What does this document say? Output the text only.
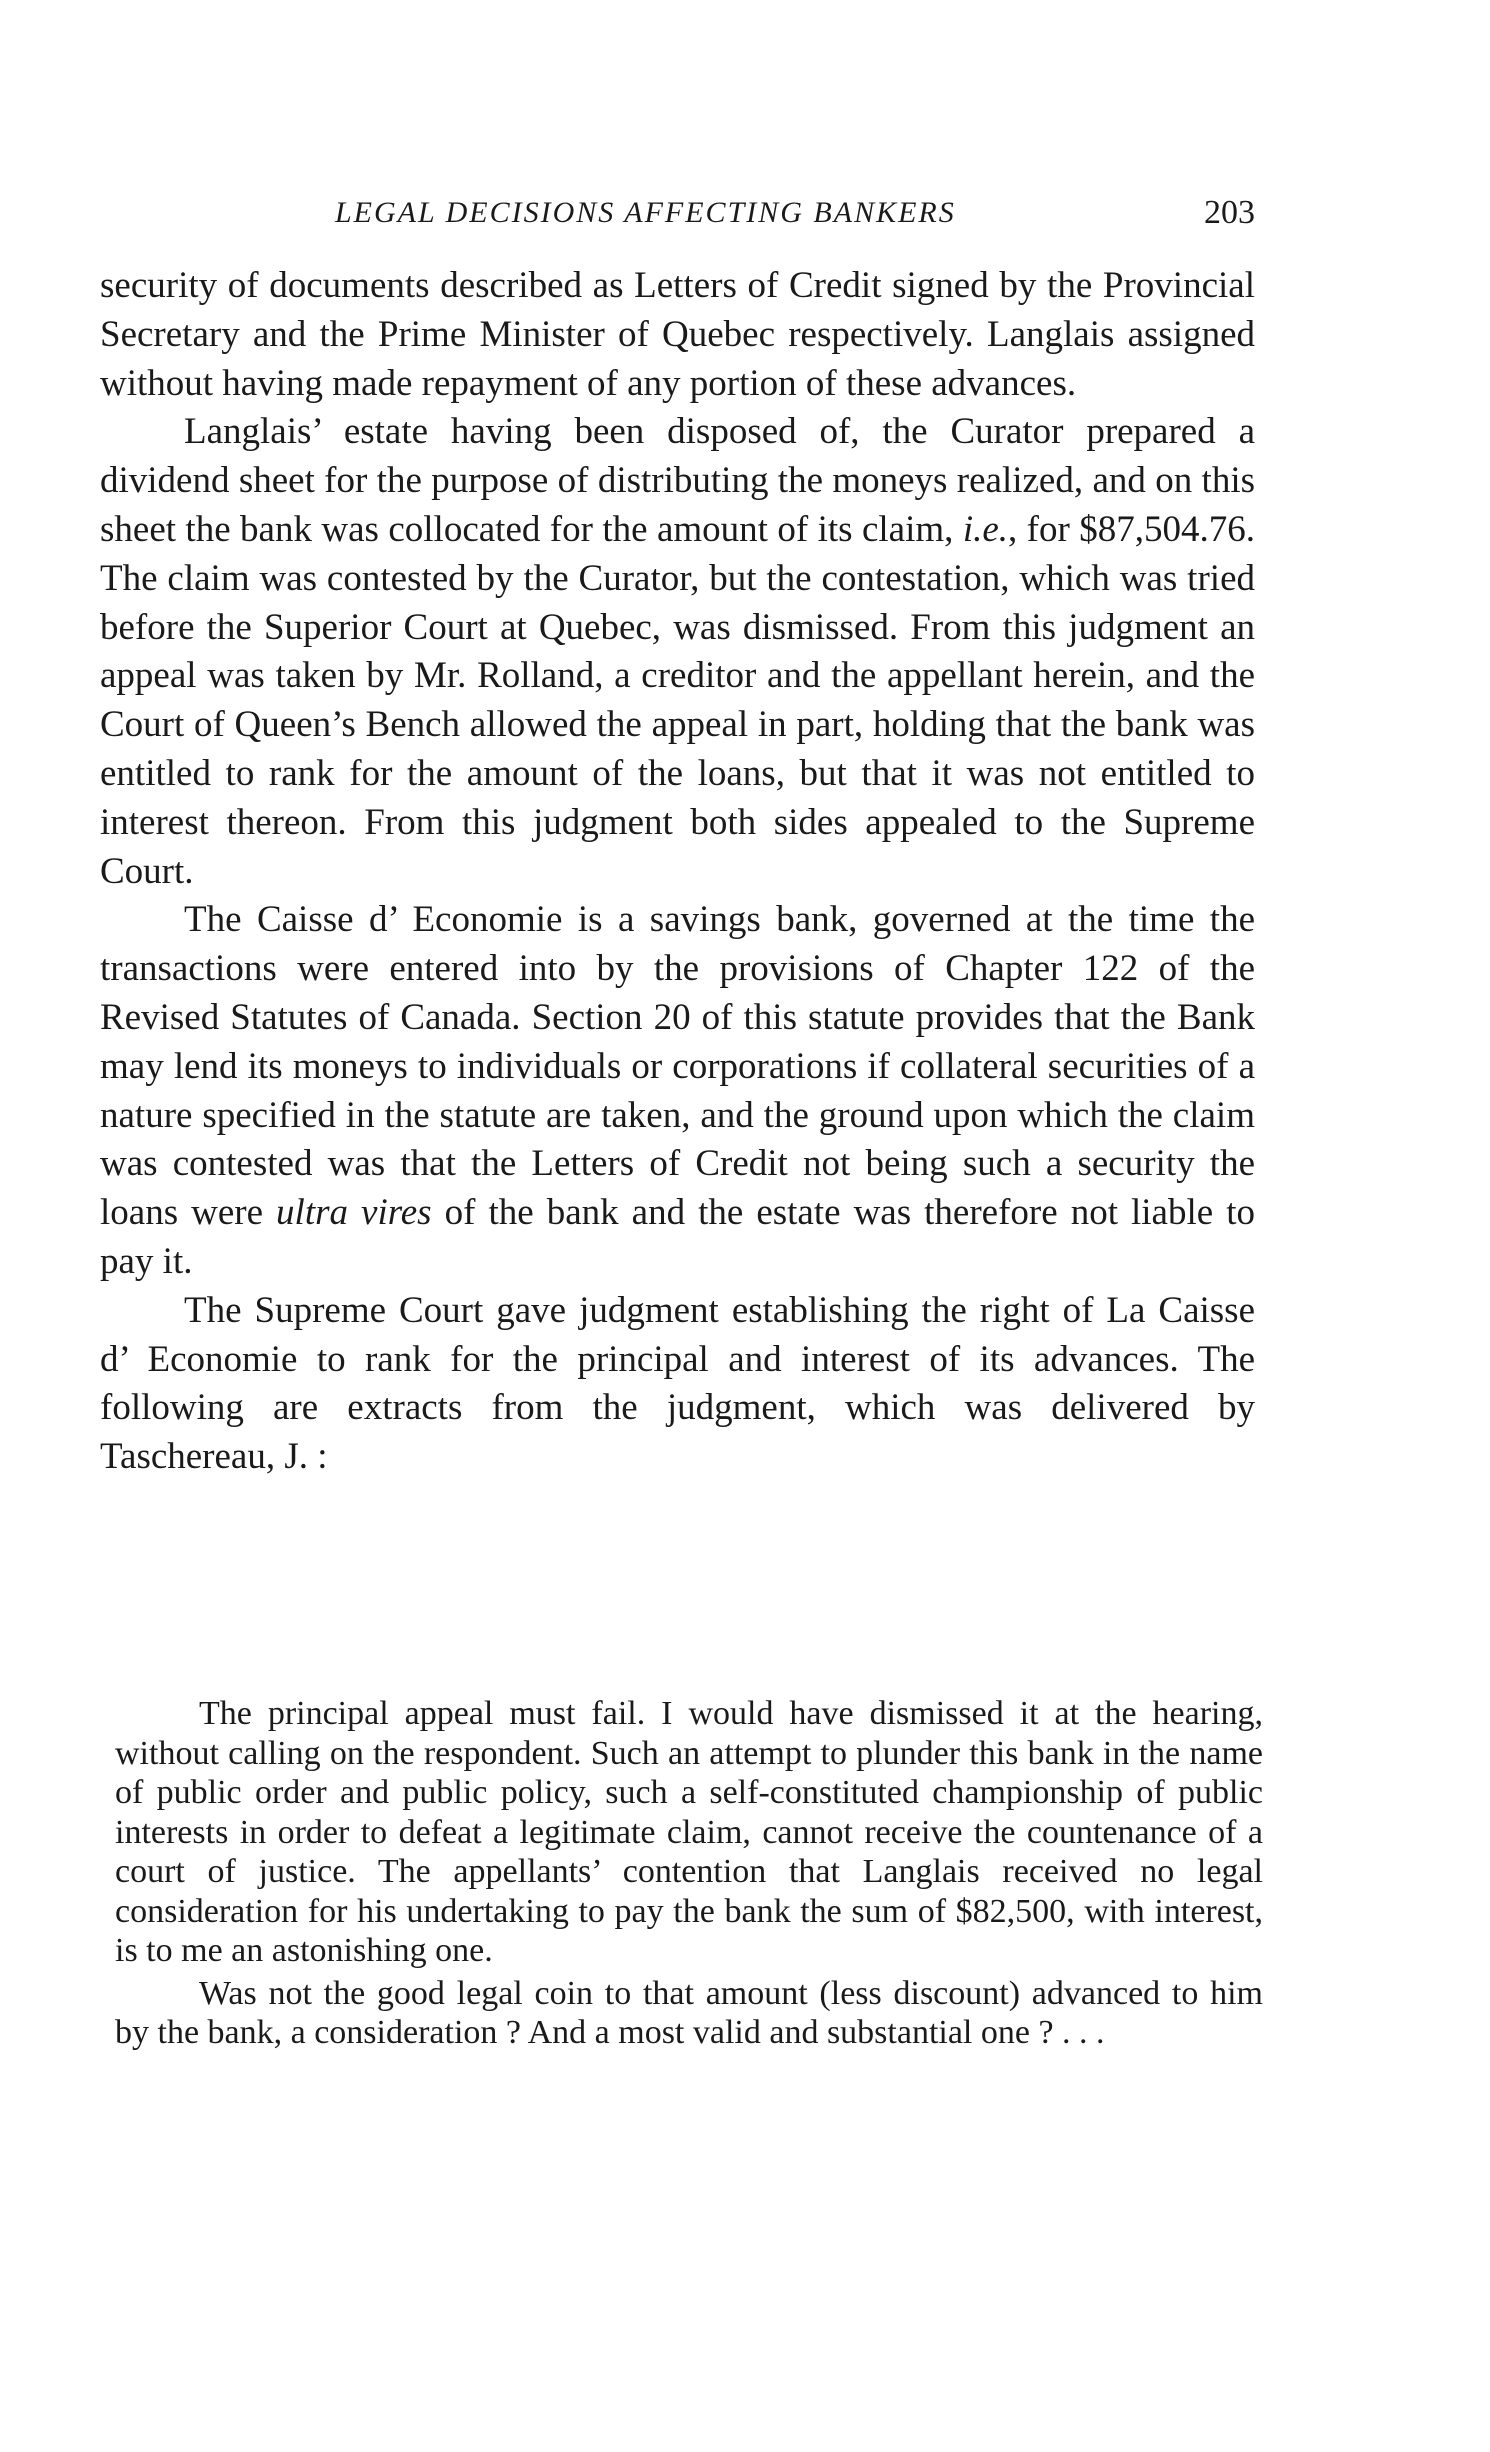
LEGAL DECISIONS AFFECTING BANKERS	203

security of documents described as Letters of Credit signed by the Provincial Secretary and the Prime Minister of Quebec respectively. Langlais assigned without having made repayment of any portion of these advances.

Langlais’ estate having been disposed of, the Curator prepared a dividend sheet for the purpose of distributing the moneys realized, and on this sheet the bank was collocated for the amount of its claim, i.e., for $87,504.76. The claim was contested by the Curator, but the contestation, which was tried before the Superior Court at Quebec, was dismissed. From this judgment an appeal was taken by Mr. Rolland, a creditor and the appellant herein, and the Court of Queen’s Bench allowed the appeal in part, holding that the bank was entitled to rank for the amount of the loans, but that it was not entitled to interest thereon. From this judgment both sides appealed to the Supreme Court.

The Caisse d’ Economie is a savings bank, governed at the time the transactions were entered into by the provisions of Chapter 122 of the Revised Statutes of Canada. Section 20 of this statute provides that the Bank may lend its moneys to individuals or corporations if collateral securities of a nature specified in the statute are taken, and the ground upon which the claim was contested was that the Letters of Credit not being such a security the loans were ultra vires of the bank and the estate was therefore not liable to pay it.

The Supreme Court gave judgment establishing the right of La Caisse d’ Economie to rank for the principal and interest of its advances. The following are extracts from the judgment, which was delivered by Taschereau, J. :

The principal appeal must fail. I would have dismissed it at the hearing, without calling on the respondent. Such an attempt to plunder this bank in the name of public order and public policy, such a self-constituted championship of public interests in order to defeat a legitimate claim, cannot receive the countenance of a court of justice. The appellants’ contention that Langlais received no legal consideration for his undertaking to pay the bank the sum of $82,500, with interest, is to me an astonishing one.

Was not the good legal coin to that amount (less discount) advanced to him by the bank, a consideration ? And a most valid and substantial one ? . . .
